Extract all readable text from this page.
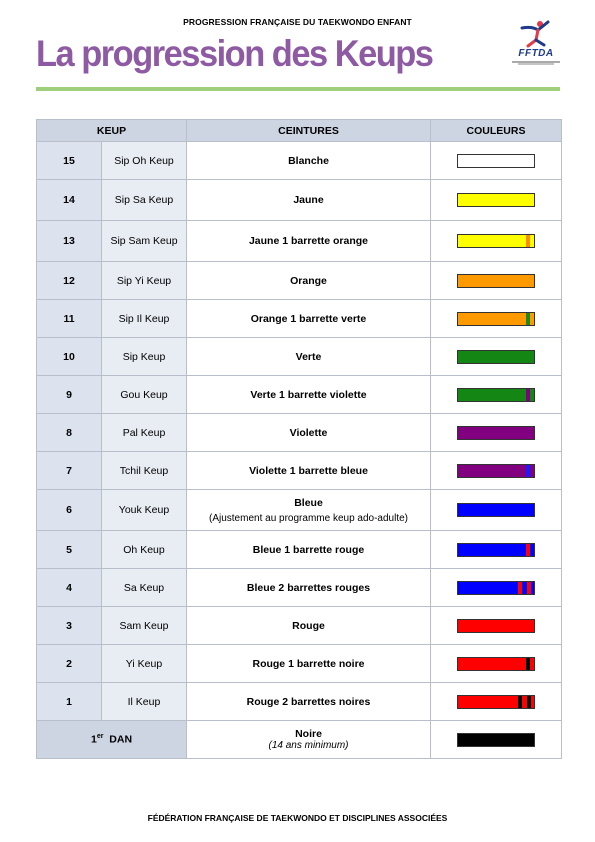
PROGRESSION FRANÇAISE DU TAEKWONDO ENFANT
La progression des Keups	FFTDA
KEUP		CEINTURES	COULEURS
15	Sip Oh Keup	Blanche	

14	Sip Sa Keup	Jaune	

13	Sip Sam Keup	Jaune 1 barrette orange	

12	Sip Yi Keup	Orange	

11	Sip Il Keup	Orange 1 barrette verte	

10	Sip Keup	Verte	

9	Gou Keup	Verte 1 barrette violette	

8	Pal Keup	Violette	

7	Tchil Keup	Violette 1 barrette bleue	

6	Youk Keup	Bleue
(Ajustement au programme keup ado-adulte)	

5	Oh Keup	Bleue 1 barrette rouge	

4	Sa Keup	Bleue 2 barrettes rouges	

3	Sam Keup	Rouge	

2	Yi Keup	Rouge 1 barrette noire	

1	Il Keup	Rouge 2 barrettes noires	

1er DAN		Noire
(14 ans minimum)	

FÉDÉRATION FRANÇAISE DE TAEKWONDO ET DISCIPLINES ASSOCIÉES
